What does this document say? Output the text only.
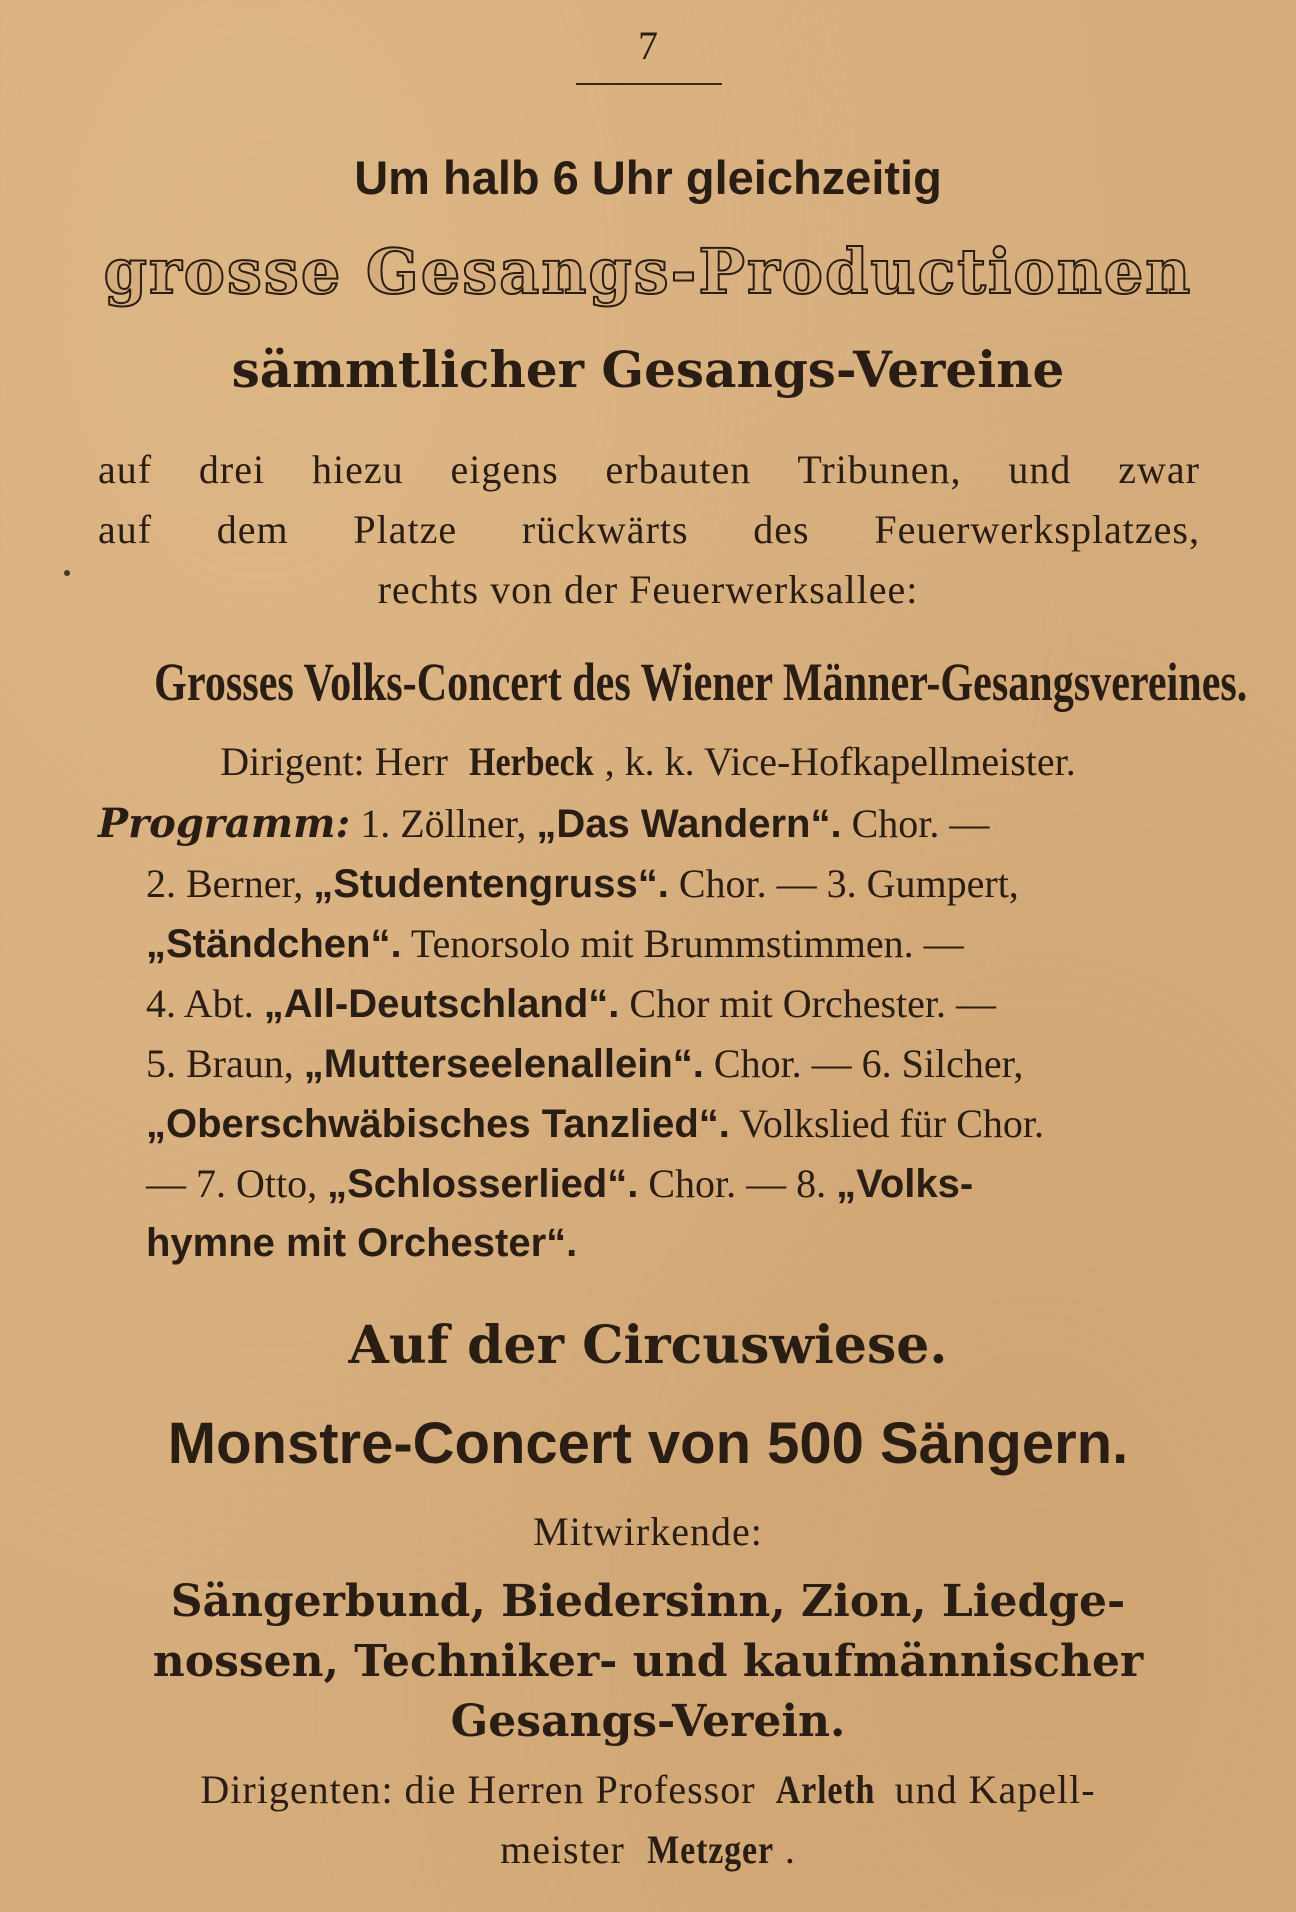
7
Um halb 6 Uhr gleichzeitig
grosse Gesangs-Productionen
sämmtlicher Gesangs-Vereine
auf drei hiezu eigens erbauten Tribunen, und zwar
auf dem Platze rückwärts des Feuerwerksplatzes,
rechts von der Feuerwerksallee:
Grosses Volks-Concert des Wiener Männer-Gesangsvereines.
Dirigent: Herr Herbeck , k. k. Vice-Hofkapellmeister.
Programm: 1. Zöllner, „Das Wandern“. Chor. —
2. Berner, „Studentengruss“. Chor. — 3. Gumpert,
„Ständchen“. Tenorsolo mit Brummstimmen. —
4. Abt. „All-Deutschland“. Chor mit Orchester. —
5. Braun, „Mutterseelenallein“. Chor. — 6. Silcher,
„Oberschwäbisches Tanzlied“. Volkslied für Chor.
— 7. Otto, „Schlosserlied“. Chor. — 8. „Volks-
hymne mit Orchester“.
Auf der Circuswiese.
Monstre-Concert von 500 Sängern.
Mitwirkende:
Sängerbund, Biedersinn, Zion, Liedge-
nossen, Techniker- und kaufmännischer
Gesangs-Verein.
Dirigenten: die Herren Professor Arleth und Kapell-
meister Metzger .
